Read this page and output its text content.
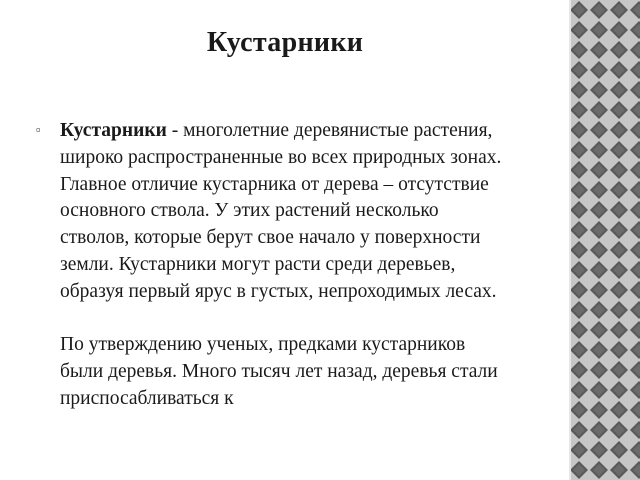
Кустарники
▫ Кустарники - многолетние деревянистые растения, широко распространенные во всех природных зонах. Главное отличие кустарника от дерева – отсутствие основного ствола. У этих растений несколько стволов, которые берут свое начало у поверхности земли. Кустарники могут расти среди деревьев, образуя первый ярус в густых, непроходимых лесах.

По утверждению ученых, предками кустарников были деревья. Много тысяч лет назад, деревья стали приспосабливаться к
